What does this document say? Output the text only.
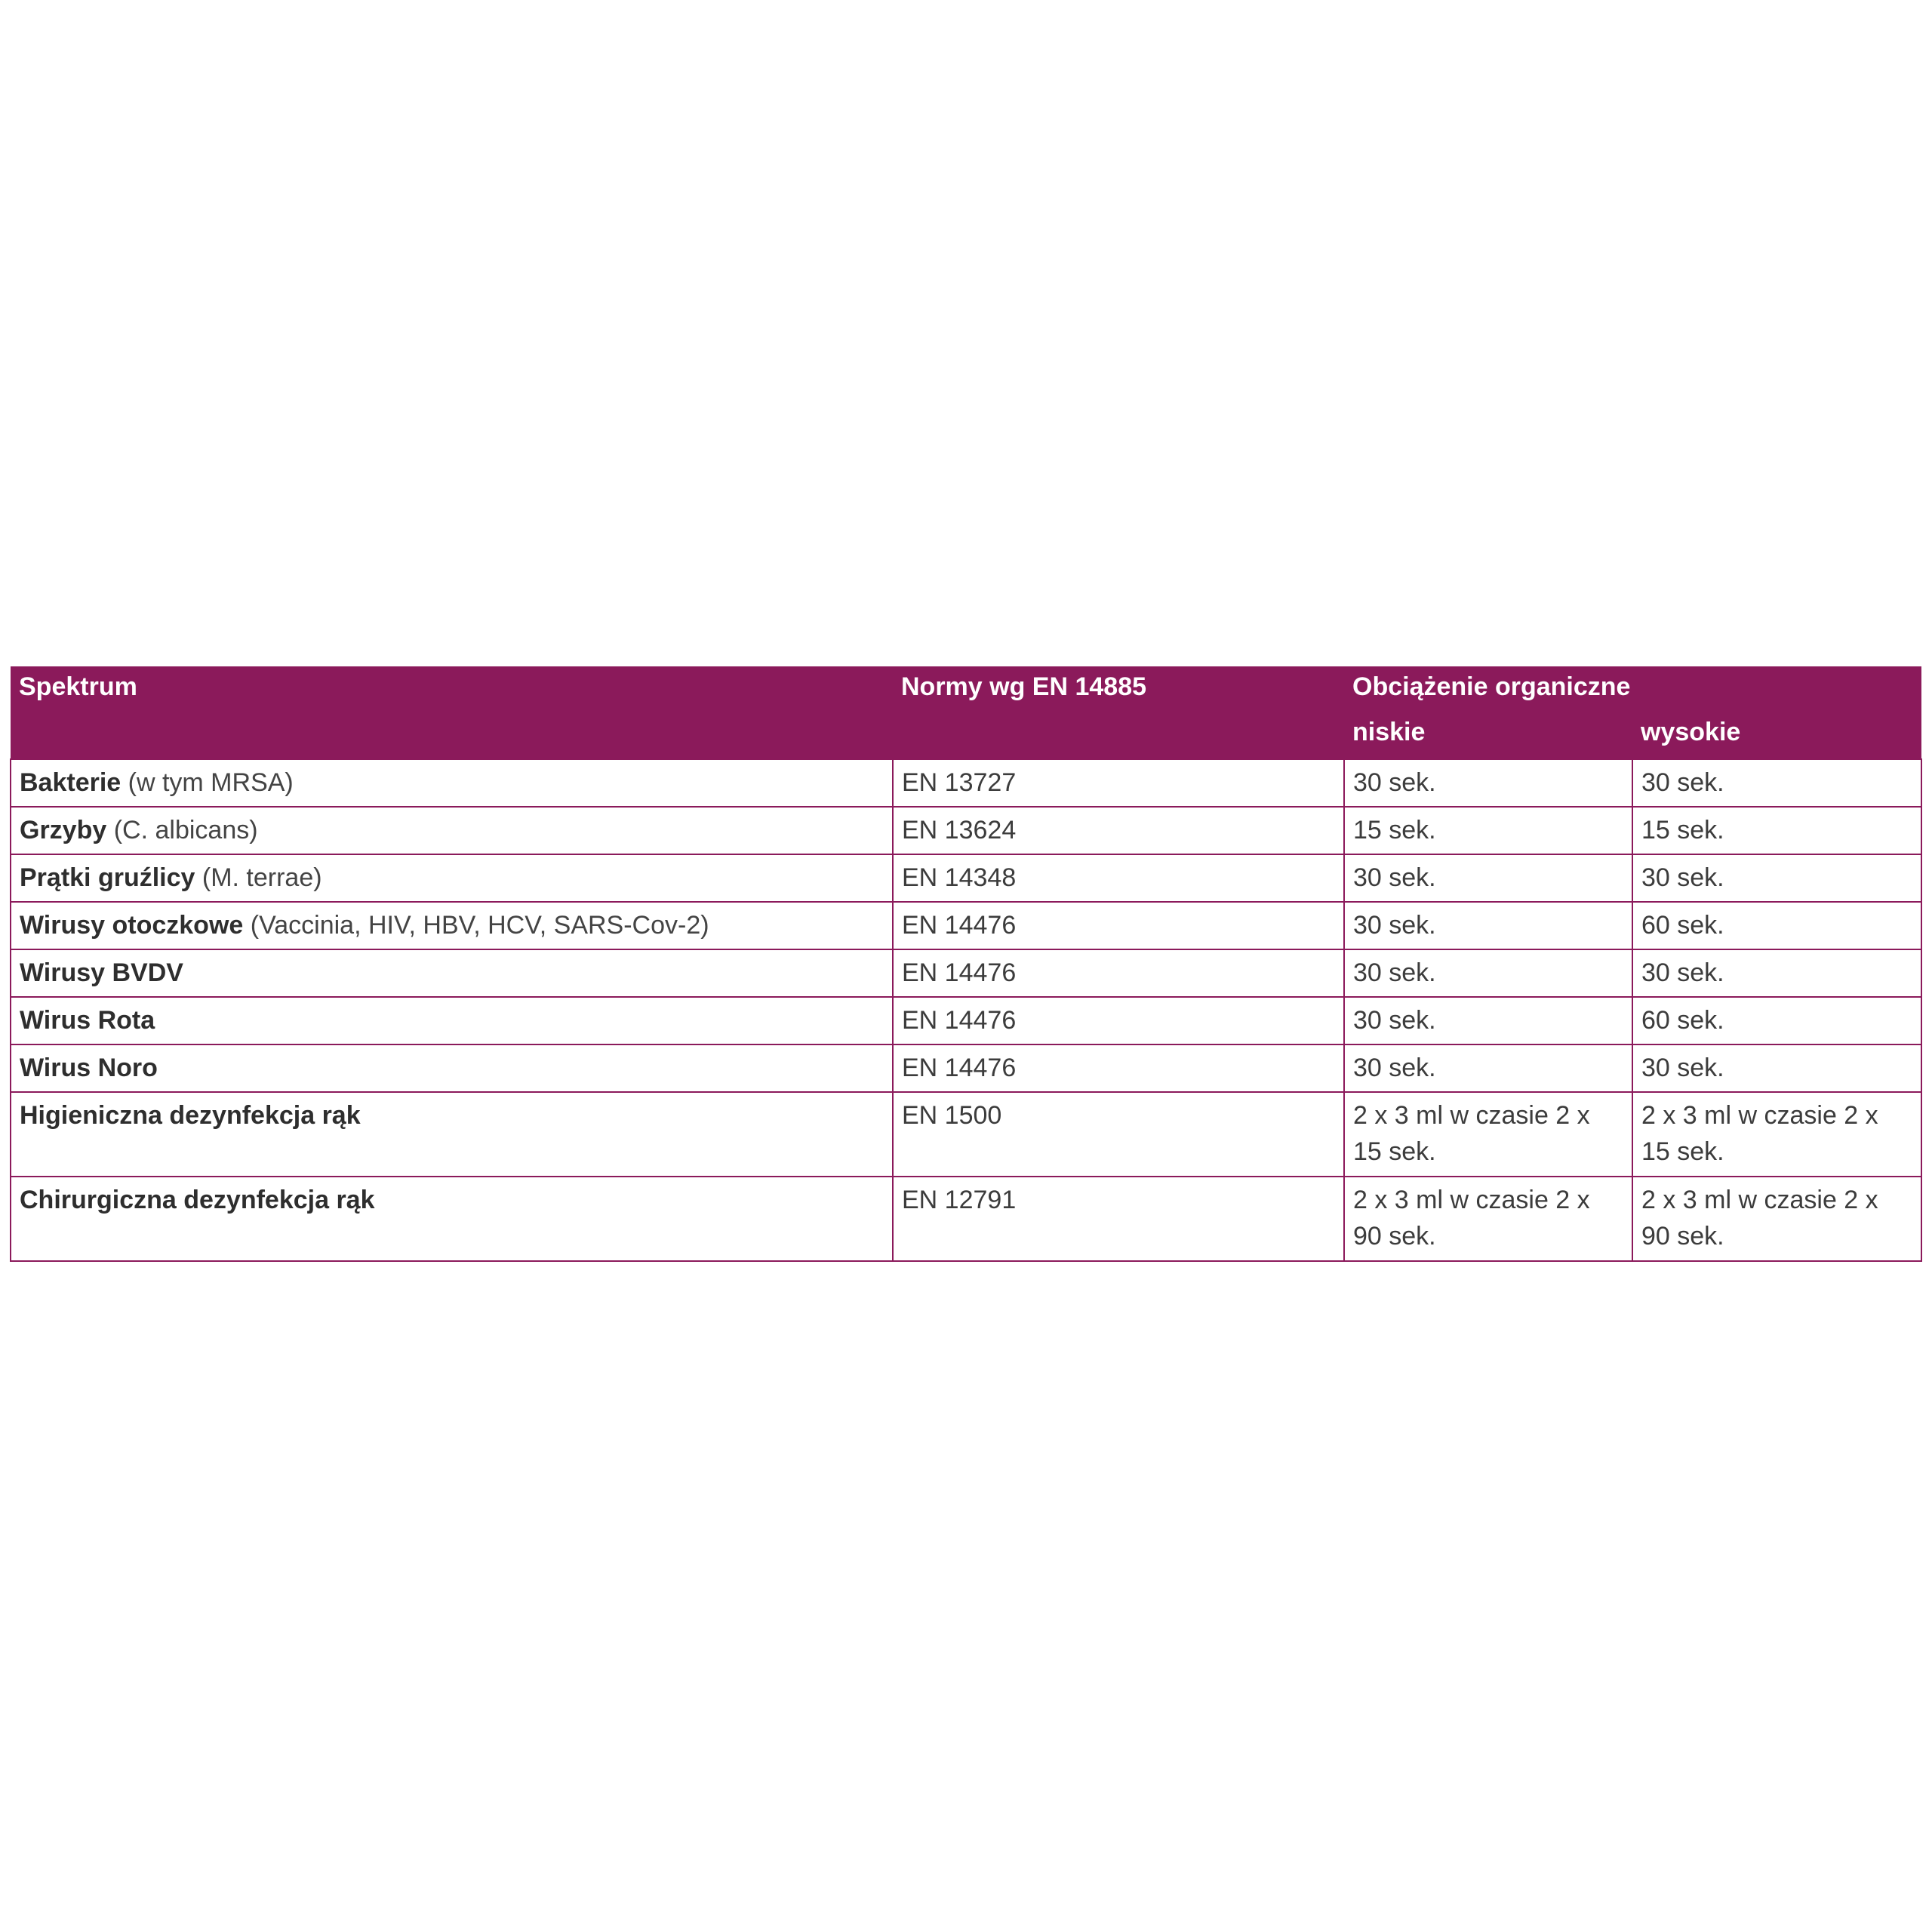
Spektrum	Normy wg EN 14885	Obciążenie organiczne	
		niskie	wysokie
Bakterie (w tym MRSA)	EN 13727	30 sek.	30 sek.
Grzyby (C. albicans)	EN 13624	15 sek.	15 sek.
Prątki gruźlicy (M. terrae)	EN 14348	30 sek.	30 sek.
Wirusy otoczkowe (Vaccinia, HIV, HBV, HCV, SARS-Cov-2)	EN 14476	30 sek.	60 sek.
Wirusy BVDV	EN 14476	30 sek.	30 sek.
Wirus Rota	EN 14476	30 sek.	60 sek.
Wirus Noro	EN 14476	30 sek.	30 sek.
Higieniczna dezynfekcja rąk	EN 1500	2 x 3 ml w czasie 2 x 15 sek.	2 x 3 ml w czasie 2 x 15 sek.
Chirurgiczna dezynfekcja rąk	EN 12791	2 x 3 ml w czasie 2 x 90 sek.	2 x 3 ml w czasie 2 x 90 sek.
